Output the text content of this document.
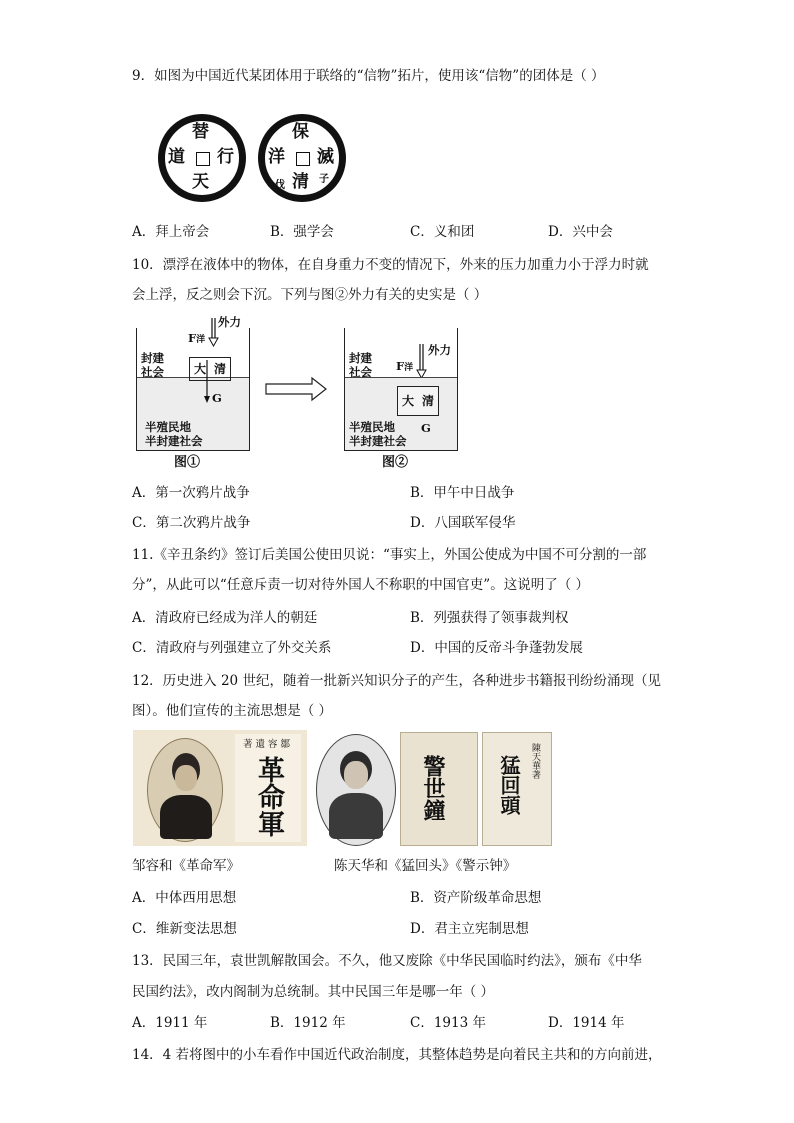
9．如图为中国近代某团体用于联络的“信物”拓片，使用该“信物”的团体是（ ）
替
道 行
天
保
洋 滅
清
伐
子
A．拜上帝会	B．强学会	C．义和团	D．兴中会
10．漂浮在液体中的物体，在自身重力不变的情况下，外来的压力加重力小于浮力时就
会上浮，反之则会下沉。下列与图②外力有关的史实是（ ）
封建
社会	大 清
F洋
外力
G
半殖民地
半封建社会
图①
封建
社会
大 清
F洋
外力
G
半殖民地
半封建社会
图②
A．第一次鸦片战争	B．甲午中日战争
C．第二次鸦片战争	D．八国联军侵华
11.《辛丑条约》签订后美国公使田贝说：“事实上，外国公使成为中国不可分割的一部
分”，从此可以“任意斥责一切对待外国人不称职的中国官吏”。这说明了（ ）
A．清政府已经成为洋人的朝廷	B．列强获得了领事裁判权
C．清政府与列强建立了外交关系	D．中国的反帝斗争蓬勃发展
12．历史进入 20 世纪，随着一批新兴知识分子的产生，各种进步书籍报刊纷纷涌现（见
图）。他们宣传的主流思想是（ ）
著遺容鄒
革命軍	警世鐘	猛回頭 陳天華著
邹容和《革命军》	陈天华和《猛回头》《警示钟》
A．中体西用思想	B．资产阶级革命思想
C．维新变法思想	D．君主立宪制思想
13．民国三年，袁世凯解散国会。不久，他又废除《中华民国临时约法》，颁布《中华
民国约法》，改内阁制为总统制。其中民国三年是哪一年（ ）
A．1911 年	B．1912 年	C．1913 年	D．1914 年
14．4 若将图中的小车看作中国近代政治制度，其整体趋势是向着民主共和的方向前进，
